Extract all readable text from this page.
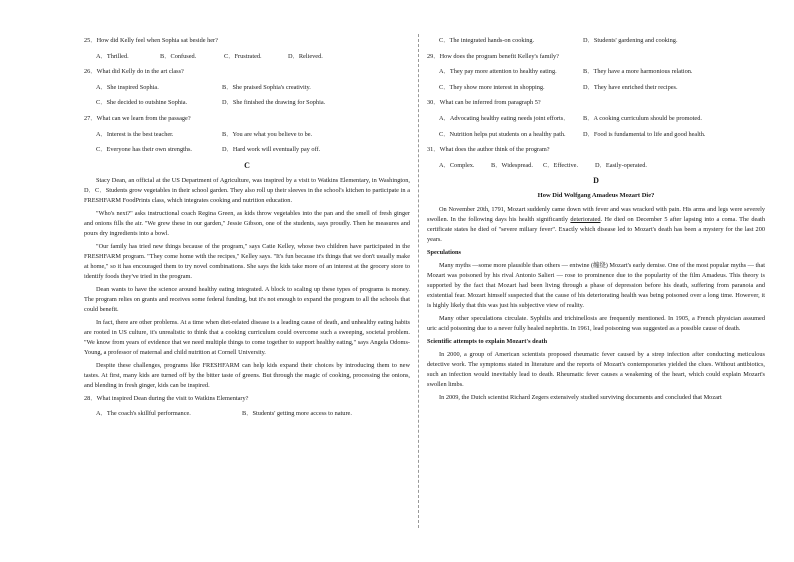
25．How did Kelly feel when Sophia sat beside her?
A．Thrilled.	B．Confused.	C．Frustrated.	D．Relieved.
26．What did Kelly do in the art class?
A．She inspired Sophia.	B．She praised Sophia's creativity.
C．She decided to outshine Sophia.	D．She finished the drawing for Sophia.
27．What can we learn from the passage?
A．Interest is the best teacher.	B．You are what you believe to be.
C．Everyone has their own strengths.	D．Hard work will eventually pay off.
C
Stacy Dean, an official at the US Department of Agriculture, was inspired by a visit to Watkins Elementary, in Washington, D．C．Students grow vegetables in their school garden. They also roll up their sleeves in the school's kitchen to participate in a FRESHFARM FoodPrints class, which integrates cooking and nutrition education.
"Who's next?" asks instructional coach Regina Green, as kids throw vegetables into the pan and the smell of fresh ginger and onions fills the air. "We grew these in our garden," Jessie Gibson, one of the students, says proudly. Then he measures and pours dry ingredients into a bowl.
"Our family has tried new things because of the program," says Catie Kelley, whose two children have participated in the FRESHFARM program. "They come home with the recipes," Kelley says. "It's fun because it's things that we don't usually make at home," so it has encouraged them to try novel combinations. She says the kids take more of an interest at the grocery store to identify foods they've tried in the program.
Dean wants to have the science around healthy eating integrated. A block to scaling up these types of programs is money. The program relies on grants and receives some federal funding, but it's not enough to expand the program to all the schools that could benefit.
In fact, there are other problems. At a time when diet-related disease is a leading cause of death, and unhealthy eating habits are rooted in US culture, it's unrealistic to think that a cooking curriculum could overcome such a sweeping, societal problem. "We know from years of evidence that we need multiple things to come together to support healthy eating," says Angela Odoms-Young, a professor of maternal and child nutrition at Cornell University.
Despite these challenges, programs like FRESHFARM can help kids expand their choices by introducing them to new tastes. At first, many kids are turned off by the bitter taste of greens. But through the magic of cooking, processing the onions, and blending in fresh ginger, kids can be inspired.
28．What inspired Dean during the visit to Watkins Elementary?
A．The coach's skillful performance.	B．Students' getting more access to nature.
C．The integrated hands-on cooking.	D．Students' gardening and cooking.
29．How does the program benefit Kelley's family?
A．They pay more attention to healthy eating.	B．They have a more harmonious relation.
C．They show more interest in shopping.	D．They have enriched their recipes.
30．What can be inferred from paragraph 5?
A．Advocating healthy eating needs joint efforts．	B．A cooking curriculum should be promoted.
C．Nutrition helps put students on a healthy path.	D．Food is fundamental to life and good health.
31．What does the author think of the program?
A．Complex.	B．Widespread.	C．Effective.	D．Easily-operated.
D
How Did Wolfgang Amadeus Mozart Die?
On November 20th, 1791, Mozart suddenly came down with fever and was wracked with pain. His arms and legs were severely swollen. In the following days his health significantly deteriorated. He died on December 5 after lapsing into a coma. The death certificate states he died of "severe miliary fever". Exactly which disease led to Mozart's death has been a mystery for the last 200 years.
Speculations
Many myths —some more plausible than others — entwine (缠绕) Mozart's early demise. One of the most popular myths — that Mozart was poisoned by his rival Antonio Salieri — rose to prominence due to the popularity of the film Amadeus. This theory is supported by the fact that Mozart had been living through a phase of depression before his death, suffering from paranoia and existential fear. Mozart himself suspected that the cause of his deteriorating health was being poisoned over a long time. However, it is highly likely that this was just his subjective view of reality.
Many other speculations circulate. Syphilis and trichinellosis are frequently mentioned. In 1905, a French physician assumed uric acid poisoning due to a never fully healed nephritis. In 1961, lead poisoning was suggested as a possible cause of death.
Scientific attempts to explain Mozart's death
In 2000, a group of American scientists proposed rheumatic fever caused by a strep infection after conducting meticulous detective work. The symptoms stated in literature and the reports of Mozart's contemporaries yielded the clues. Without antibiotics, such an infection would inevitably lead to death. Rheumatic fever causes a weakening of the heart, which could explain Mozart's swollen limbs.
In 2009, the Dutch scientist Richard Zegers extensively studied surviving documents and concluded that Mozart
